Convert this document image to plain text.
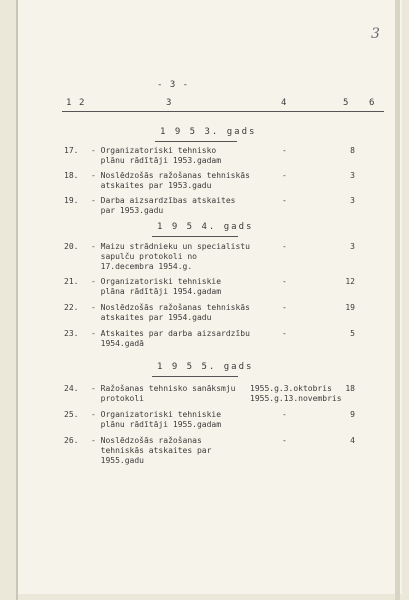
3
- 3 -
1 2	3	4	5 6
1 9 5 3. gads
17.	- Organizatoriski tehnisko
plānu rādītāji 1953.gadam
-	8
18.	- Noslēdzošās ražošanas tehniskās
atskaites par 1953.gadu
-	3
19.	- Darba aizsardzības atskaites
par 1953.gadu
-	3
1 9 5 4. gads
20.	- Maizu strādnieku un specialistu
sapulču protokoli no
17.decembra 1954.g.
-	3
21.	- Organizatoriski tehniskie
plāna rādītāji 1954.gadam
-	12
22.	- Noslēdzošās ražošanas tehniskās
atskaites par 1954.gadu
-	19
23.	- Atskaites par darba aizsardzību
1954.gadā
-	5
1 9 5 5. gads
24.	- Ražošanas tehnisko sanāksmju
protokoli
1955.g.3.oktobris
1955.g.13.novembris
18
25.	- Organizatoriski tehniskie
plānu rādītāji 1955.gadam
-	9
26.	- Noslēdzošās ražošanas
tehniskās atskaites par
1955.gadu
-	4
